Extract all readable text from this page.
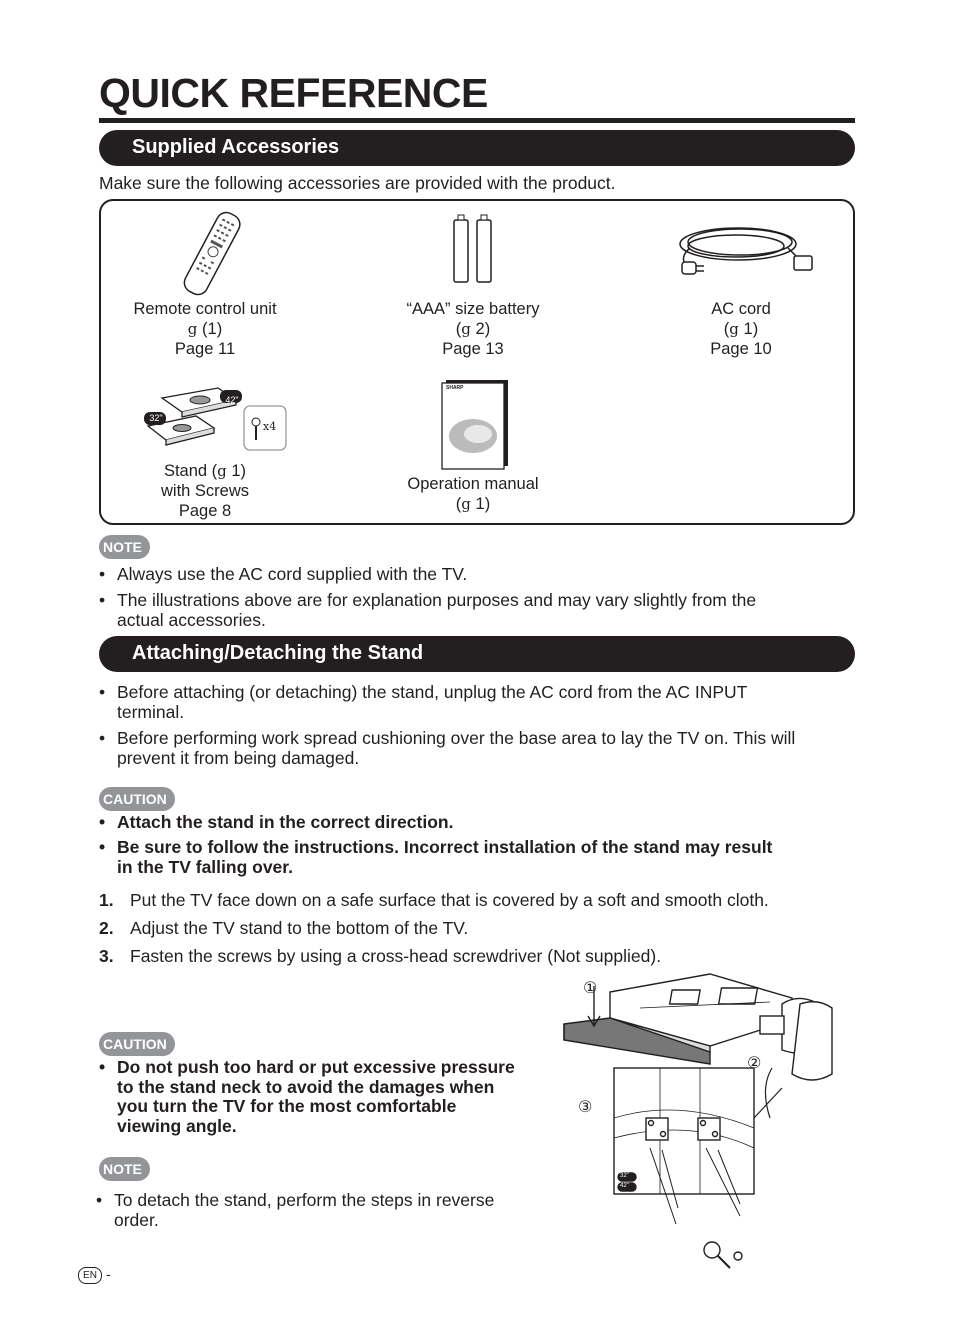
QUICK REFERENCE
Supplied Accessories
Make sure the following accessories are provided with the product.
42"
32"
x4
SHARP
Remote control unit
g (1)
Page 11
“AAA” size battery
(g 2)
Page 13
AC cord
(g 1)
Page 10
Stand (g 1)
with Screws
Page 8
Operation manual
(g 1)
NOTE
• Always use the AC cord supplied with the TV.
• The illustrations above are for explanation purposes and may vary slightly from the
actual accessories.
Attaching/Detaching the Stand
• Before attaching (or detaching) the stand, unplug the AC cord from the AC INPUT
terminal.
• Before performing work spread cushioning over the base area to lay the TV on. This will
prevent it from being damaged.
CAUTION
• Attach the stand in the correct direction.
• Be sure to follow the instructions. Incorrect installation of the stand may result
in the TV falling over.
1. Put the TV face down on a safe surface that is covered by a soft and smooth cloth.
2. Adjust the TV stand to the bottom of the TV.
3. Fasten the screws by using a cross-head screwdriver (Not supplied).
CAUTION
• Do not push too hard or put excessive pressure
to the stand neck to avoid the damages when
you turn the TV for the most comfortable
viewing angle.
NOTE
• To detach the stand, perform the steps in reverse
order.
①
②
③
32"
42"
EN -
